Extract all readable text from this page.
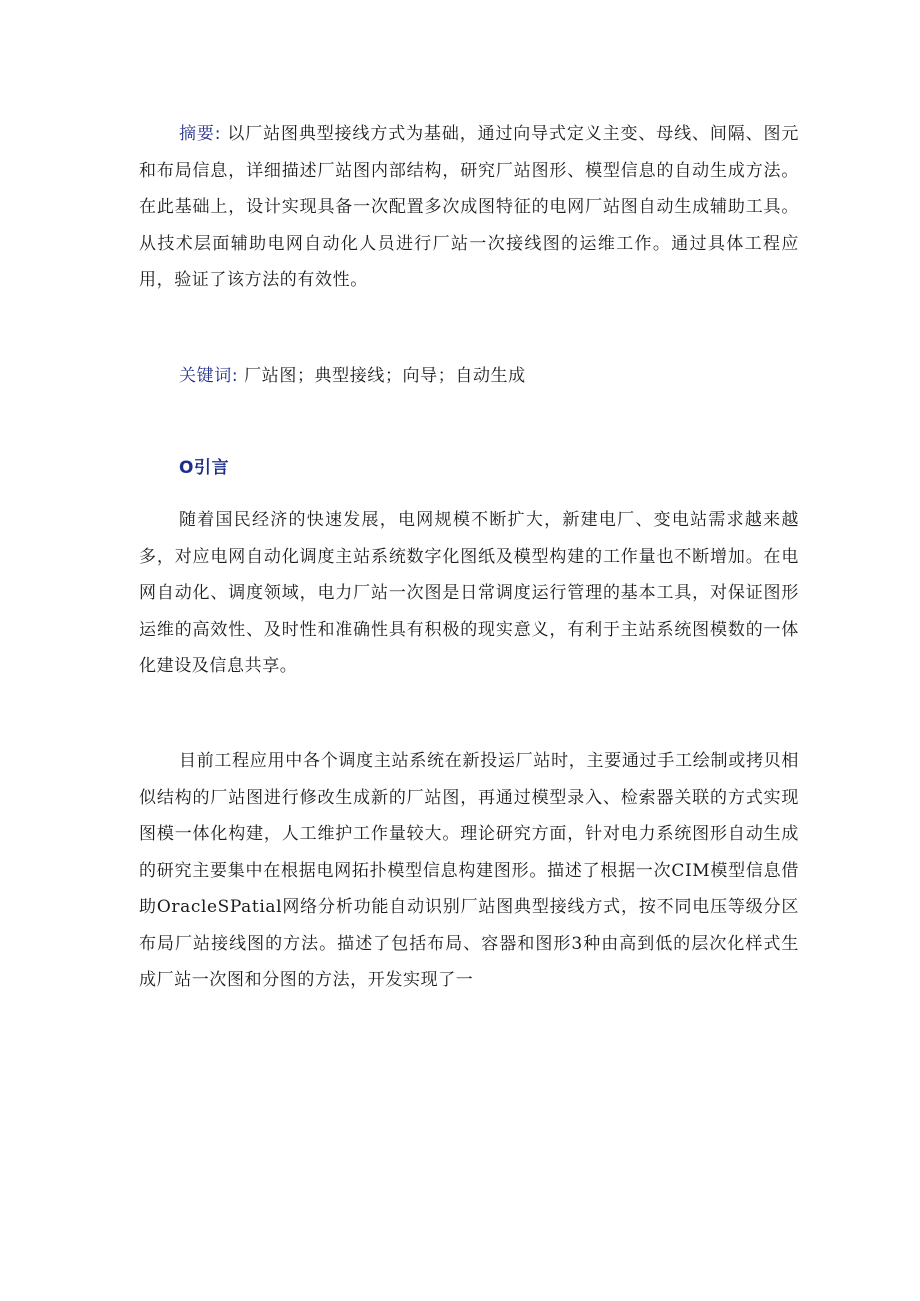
摘要: 以厂站图典型接线方式为基础，通过向导式定义主变、母线、间隔、图元和布局信息，详细描述厂站图内部结构，研究厂站图形、模型信息的自动生成方法。在此基础上，设计实现具备一次配置多次成图特征的电网厂站图自动生成辅助工具。从技术层面辅助电网自动化人员进行厂站一次接线图的运维工作。通过具体工程应用，验证了该方法的有效性。

关键词: 厂站图；典型接线；向导；自动生成

O引言

随着国民经济的快速发展，电网规模不断扩大，新建电厂、变电站需求越来越多，对应电网自动化调度主站系统数字化图纸及模型构建的工作量也不断增加。在电网自动化、调度领域，电力厂站一次图是日常调度运行管理的基本工具，对保证图形运维的高效性、及时性和准确性具有积极的现实意义，有利于主站系统图模数的一体化建设及信息共享。

目前工程应用中各个调度主站系统在新投运厂站时，主要通过手工绘制或拷贝相似结构的厂站图进行修改生成新的厂站图，再通过模型录入、检索器关联的方式实现图模一体化构建，人工维护工作量较大。理论研究方面，针对电力系统图形自动生成的研究主要集中在根据电网拓扑模型信息构建图形。描述了根据一次CIM模型信息借助OracleSPatial网络分析功能自动识别厂站图典型接线方式，按不同电压等级分区布局厂站接线图的方法。描述了包括布局、容器和图形3种由高到低的层次化样式生成厂站一次图和分图的方法，开发实现了一
